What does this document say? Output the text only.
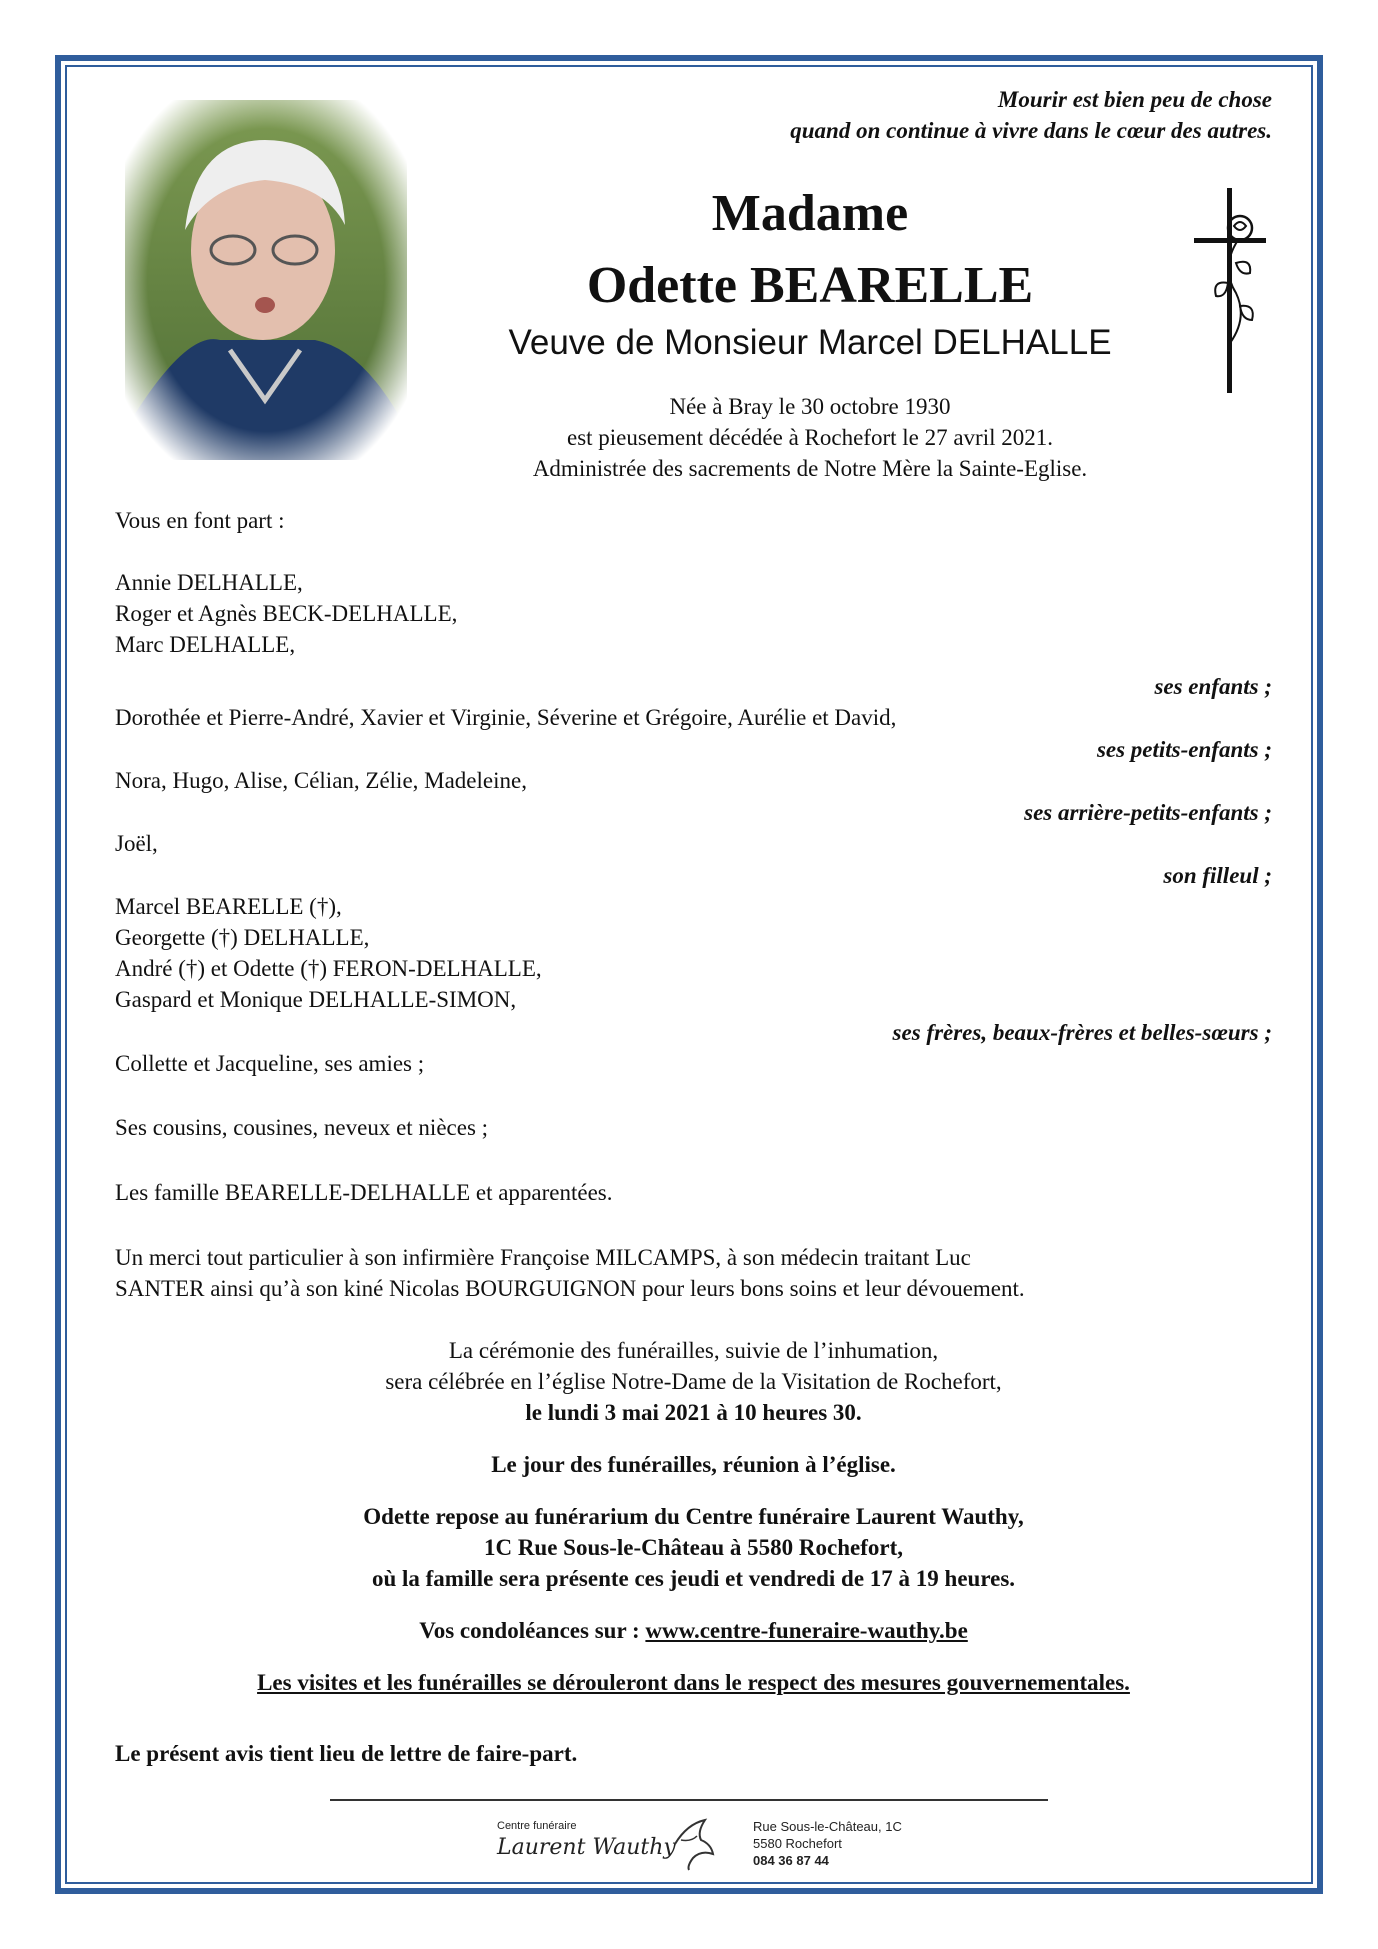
Mourir est bien peu de chose
quand on continue à vivre dans le cœur des autres.
Madame
Odette BEARELLE
Veuve de Monsieur Marcel DELHALLE
Née à Bray le 30 octobre 1930
est pieusement décédée à Rochefort le 27 avril 2021.
Administrée des sacrements de Notre Mère la Sainte-Eglise.
Vous en font part :
Annie DELHALLE,
Roger et Agnès BECK-DELHALLE,
Marc DELHALLE,
ses enfants ;
Dorothée et Pierre-André, Xavier et Virginie, Séverine et Grégoire, Aurélie et David,
ses petits-enfants ;
Nora, Hugo, Alise, Célian, Zélie, Madeleine,
ses arrière-petits-enfants ;
Joël,
son filleul ;
Marcel BEARELLE (†),
Georgette (†) DELHALLE,
André (†) et Odette (†) FERON-DELHALLE,
Gaspard et Monique DELHALLE-SIMON,
ses frères, beaux-frères et belles-sœurs ;
Collette et Jacqueline, ses amies ;
Ses cousins, cousines, neveux et nièces ;
Les famille BEARELLE-DELHALLE et apparentées.
Un merci tout particulier à son infirmière Françoise MILCAMPS, à son médecin traitant Luc
SANTER ainsi qu’à son kiné Nicolas BOURGUIGNON pour leurs bons soins et leur dévouement.
La cérémonie des funérailles, suivie de l’inhumation,
sera célébrée en l’église Notre-Dame de la Visitation de Rochefort,
le lundi 3 mai 2021 à 10 heures 30.
Le jour des funérailles, réunion à l’église.
Odette repose au funérarium du Centre funéraire Laurent Wauthy,
1C Rue Sous-le-Château à 5580 Rochefort,
où la famille sera présente ces jeudi et vendredi de 17 à 19 heures.
Vos condoléances sur : www.centre-funeraire-wauthy.be
Les visites et les funérailles se dérouleront dans le respect des mesures gouvernementales.
Le présent avis tient lieu de lettre de faire-part.
Centre funéraire
Laurent Wauthy
Rue Sous-le-Château, 1C
5580 Rochefort
084 36 87 44
